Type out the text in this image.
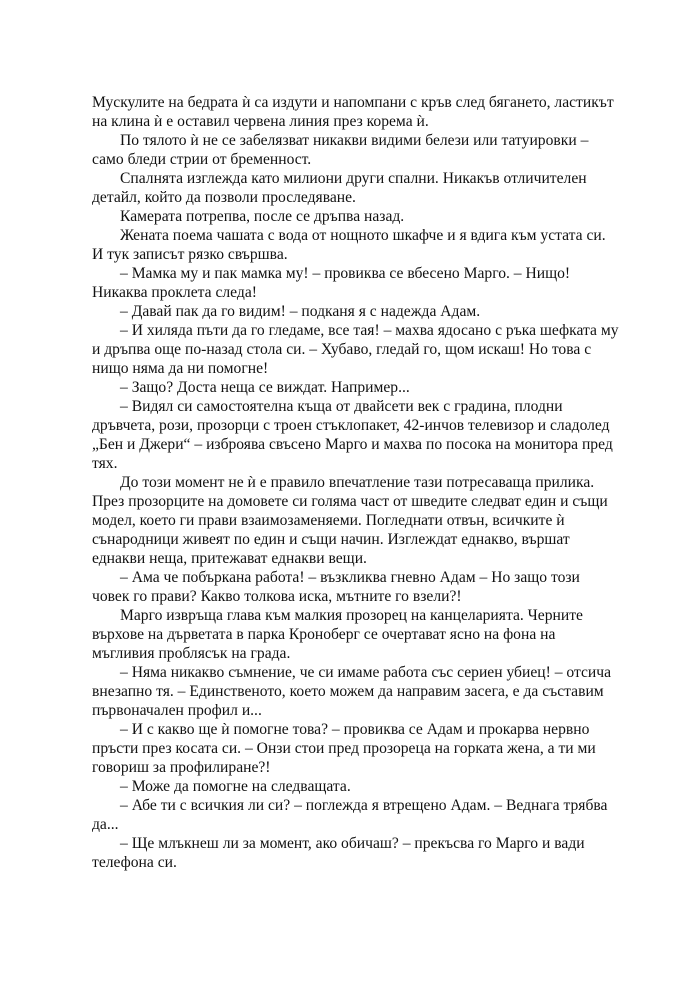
Мускулите на бедрата ѝ са издути и напомпани с кръв след бягането, ластикът на клина ѝ е оставил червена линия през корема ѝ.

По тялото ѝ не се забелязват никакви видими белези или татуировки – само бледи стрии от бременност.

Спалнята изглежда като милиони други спални. Никакъв отличителен детайл, който да позволи проследяване.

Камерата потрепва, после се дръпва назад.

Жената поема чашата с вода от нощното шкафче и я вдига към устата си. И тук записът рязко свършва.

– Мамка му и пак мамка му! – провиква се вбесено Марго. – Нищо! Никаква проклета следа!

– Давай пак да го видим! – подканя я с надежда Адам.

– И хиляда пъти да го гледаме, все тая! – махва ядосано с ръка шефката му и дръпва още по-назад стола си. – Хубаво, гледай го, щом искаш! Но това с нищо няма да ни помогне!

– Защо? Доста неща се виждат. Например...

– Видял си самостоятелна къща от двайсети век с градина, плодни дръвчета, рози, прозорци с троен стъклопакет, 42-инчов телевизор и сладолед „Бен и Джери“ – изброява свъсено Марго и махва по посока на монитора пред тях.

До този момент не ѝ е правило впечатление тази потресаваща прилика. През прозорците на домовете си голяма част от шведите следват един и същи модел, което ги прави взаимозаменяеми. Погледнати отвън, всичките ѝ сънародници живеят по един и същи начин. Изглеждат еднакво, вършат еднакви неща, притежават еднакви вещи.

– Ама че побъркана работа! – възкликва гневно Адам – Но защо този човек го прави? Какво толкова иска, мътните го взели?!

Марго извръща глава към малкия прозорец на канцеларията. Черните върхове на дърветата в парка Кроноберг се очертават ясно на фона на мъгливия проблясък на града.

– Няма никакво съмнение, че си имаме работа със сериен убиец! – отсича внезапно тя. – Единственото, което можем да направим засега, е да съставим първоначален профил и...

– И с какво ще ѝ помогне това? – провиква се Адам и прокарва нервно пръсти през косата си. – Онзи стои пред прозореца на горката жена, а ти ми говориш за профилиране?!

– Може да помогне на следващата.

– Абе ти с всичкия ли си? – поглежда я втрещено Адам. – Веднага трябва да...

– Ще млъкнеш ли за момент, ако обичаш? – прекъсва го Марго и вади телефона си.
